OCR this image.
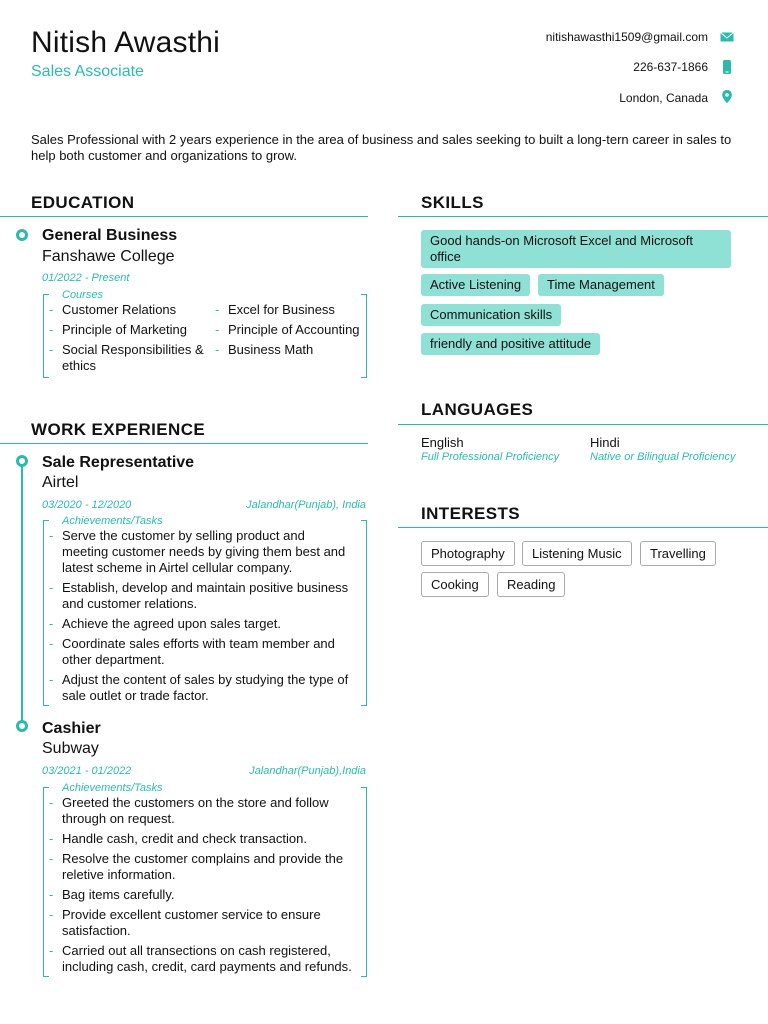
Nitish Awasthi
Sales Associate
nitishawasthi1509@gmail.com
226-637-1866
London, Canada
Sales Professional with 2 years experience in the area of business and sales seeking to built a long-tern career in sales to help both customer and organizations to grow.
EDUCATION
General Business
Fanshawe College
01/2022 - Present
Courses
- Customer Relations
- Principle of Marketing
- Social Responsibilities & ethics
- Excel for Business
- Principle of Accounting
- Business Math
WORK EXPERIENCE
Sale Representative
Airtel
03/2020 - 12/2020	Jalandhar(Punjab), India
Achievements/Tasks
- Serve the customer by selling product and meeting customer needs by giving them best and latest scheme in Airtel cellular company.
- Establish, develop and maintain positive business and customer relations.
- Achieve the agreed upon sales target.
- Coordinate sales efforts with team member and other department.
- Adjust the content of sales by studying the type of sale outlet or trade factor.
Cashier
Subway
03/2021 - 01/2022	Jalandhar(Punjab),India
Achievements/Tasks
- Greeted the customers on the store and follow through on request.
- Handle cash, credit and check transaction.
- Resolve the customer complains and provide the reletive information.
- Bag items carefully.
- Provide excellent customer service to ensure satisfaction.
- Carried out all transections on cash registered, including cash, credit, card payments and refunds.
SKILLS
Good hands-on Microsoft Excel and Microsoft office
Active Listening	Time Management
Communication skills
friendly and positive attitude
LANGUAGES
English
Full Professional Proficiency
Hindi
Native or Bilingual Proficiency
INTERESTS
Photography	Listening Music	Travelling
Cooking	Reading
